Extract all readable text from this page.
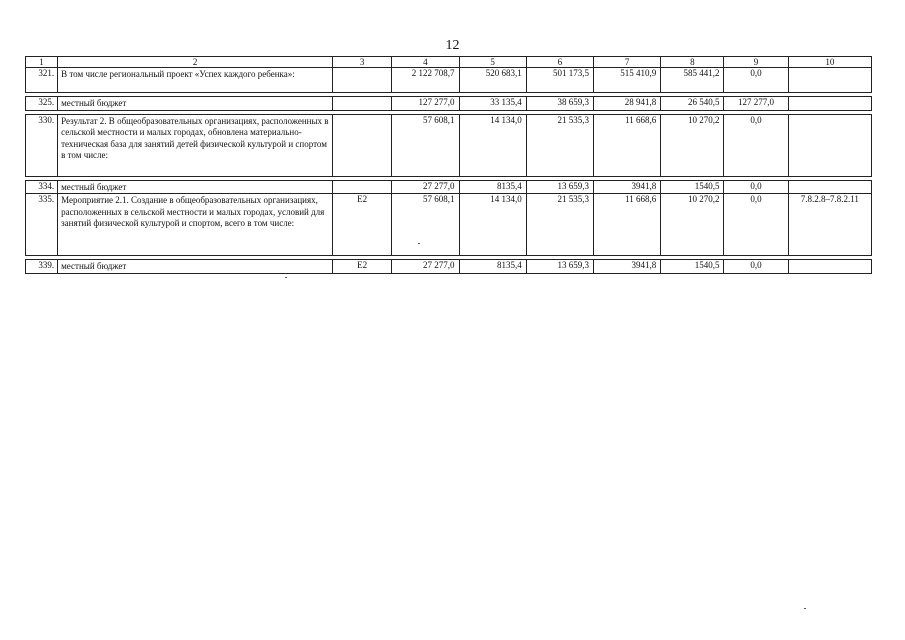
12
1	2	3	4	5	6	7	8	9	10
321.	В том числе региональный проект «Успех каждого ребенка»:		2 122 708,7	520 683,1	501 173,5	515 410,9	585 441,2	0,0	

325.	местный бюджет		127 277,0	33 135,4	38 659,3	28 941,8	26 540,5	127 277,0	

330.	Результат 2. В общеобразовательных организациях, расположенных в сельской местности и малых городах, обновлена материально-техническая база для занятий детей физической культурой и спортом в том числе:		57 608,1	14 134,0	21 535,3	11 668,6	10 270,2	0,0	

334.	местный бюджет		27 277,0	8135,4	13 659,3	3941,8	1540,5	0,0	
335.	Мероприятие 2.1. Создание в общеобразовательных организациях, расположенных в сельской местности и малых городах, условий для занятий физической культурой и спортом, всего в том числе:	Е2	57 608,1	14 134,0	21 535,3	11 668,6	10 270,2	0,0	7.8.2.8–7.8.2.11

339.	местный бюджет	Е2	27 277,0	8135,4	13 659,3	3941,8	1540,5	0,0	
